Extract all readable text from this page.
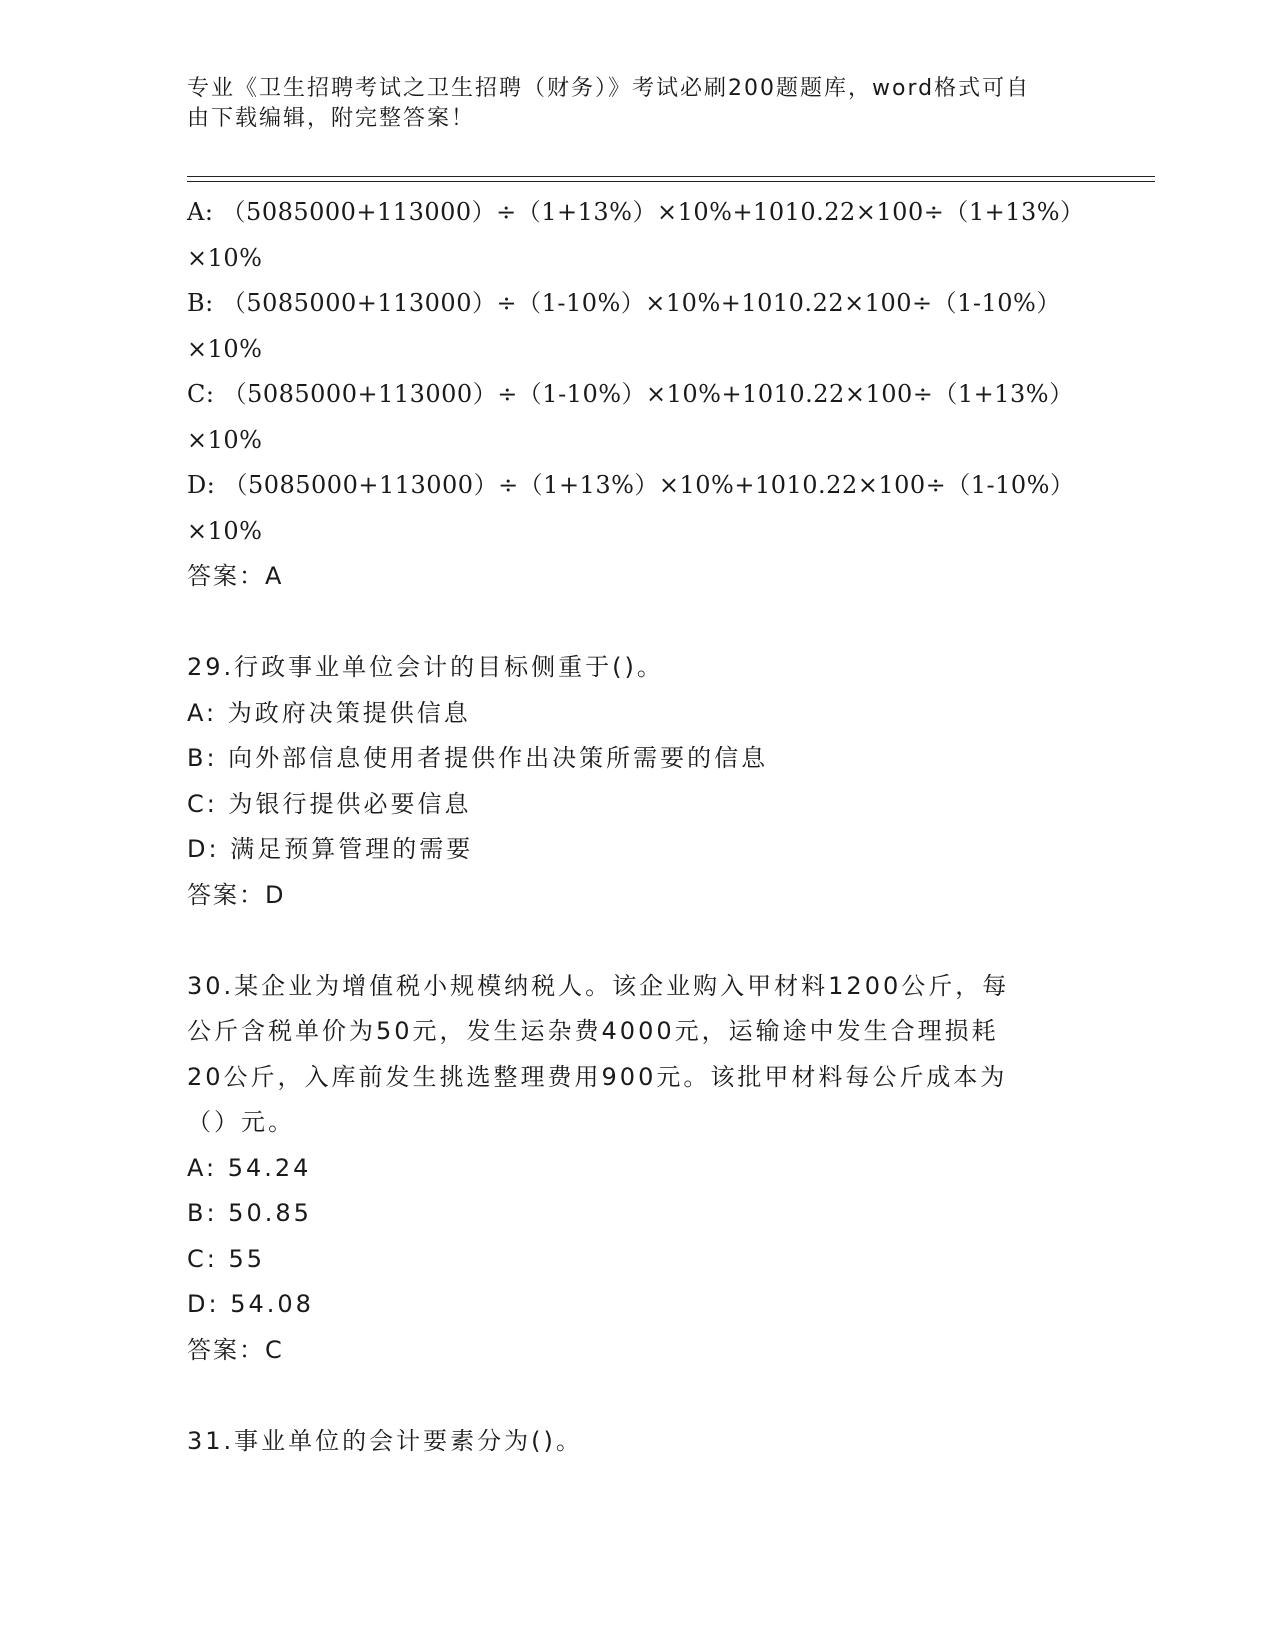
专业《卫生招聘考试之卫生招聘（财务）》考试必刷200题题库，word格式可自
由下载编辑，附完整答案！
A: （5085000+113000）÷（1+13%）×10%+1010.22×100÷（1+13%）
×10%
B: （5085000+113000）÷（1-10%）×10%+1010.22×100÷（1-10%）
×10%
C: （5085000+113000）÷（1-10%）×10%+1010.22×100÷（1+13%）
×10%
D: （5085000+113000）÷（1+13%）×10%+1010.22×100÷（1-10%）
×10%
答案：A
29.行政事业单位会计的目标侧重于()。
A: 为政府决策提供信息
B: 向外部信息使用者提供作出决策所需要的信息
C: 为银行提供必要信息
D: 满足预算管理的需要
答案：D
30.某企业为增值税小规模纳税人。该企业购入甲材料1200公斤，每
公斤含税单价为50元，发生运杂费4000元，运输途中发生合理损耗
20公斤，入库前发生挑选整理费用900元。该批甲材料每公斤成本为
（）元。
A: 54.24
B: 50.85
C: 55
D: 54.08
答案：C
31.事业单位的会计要素分为()。
